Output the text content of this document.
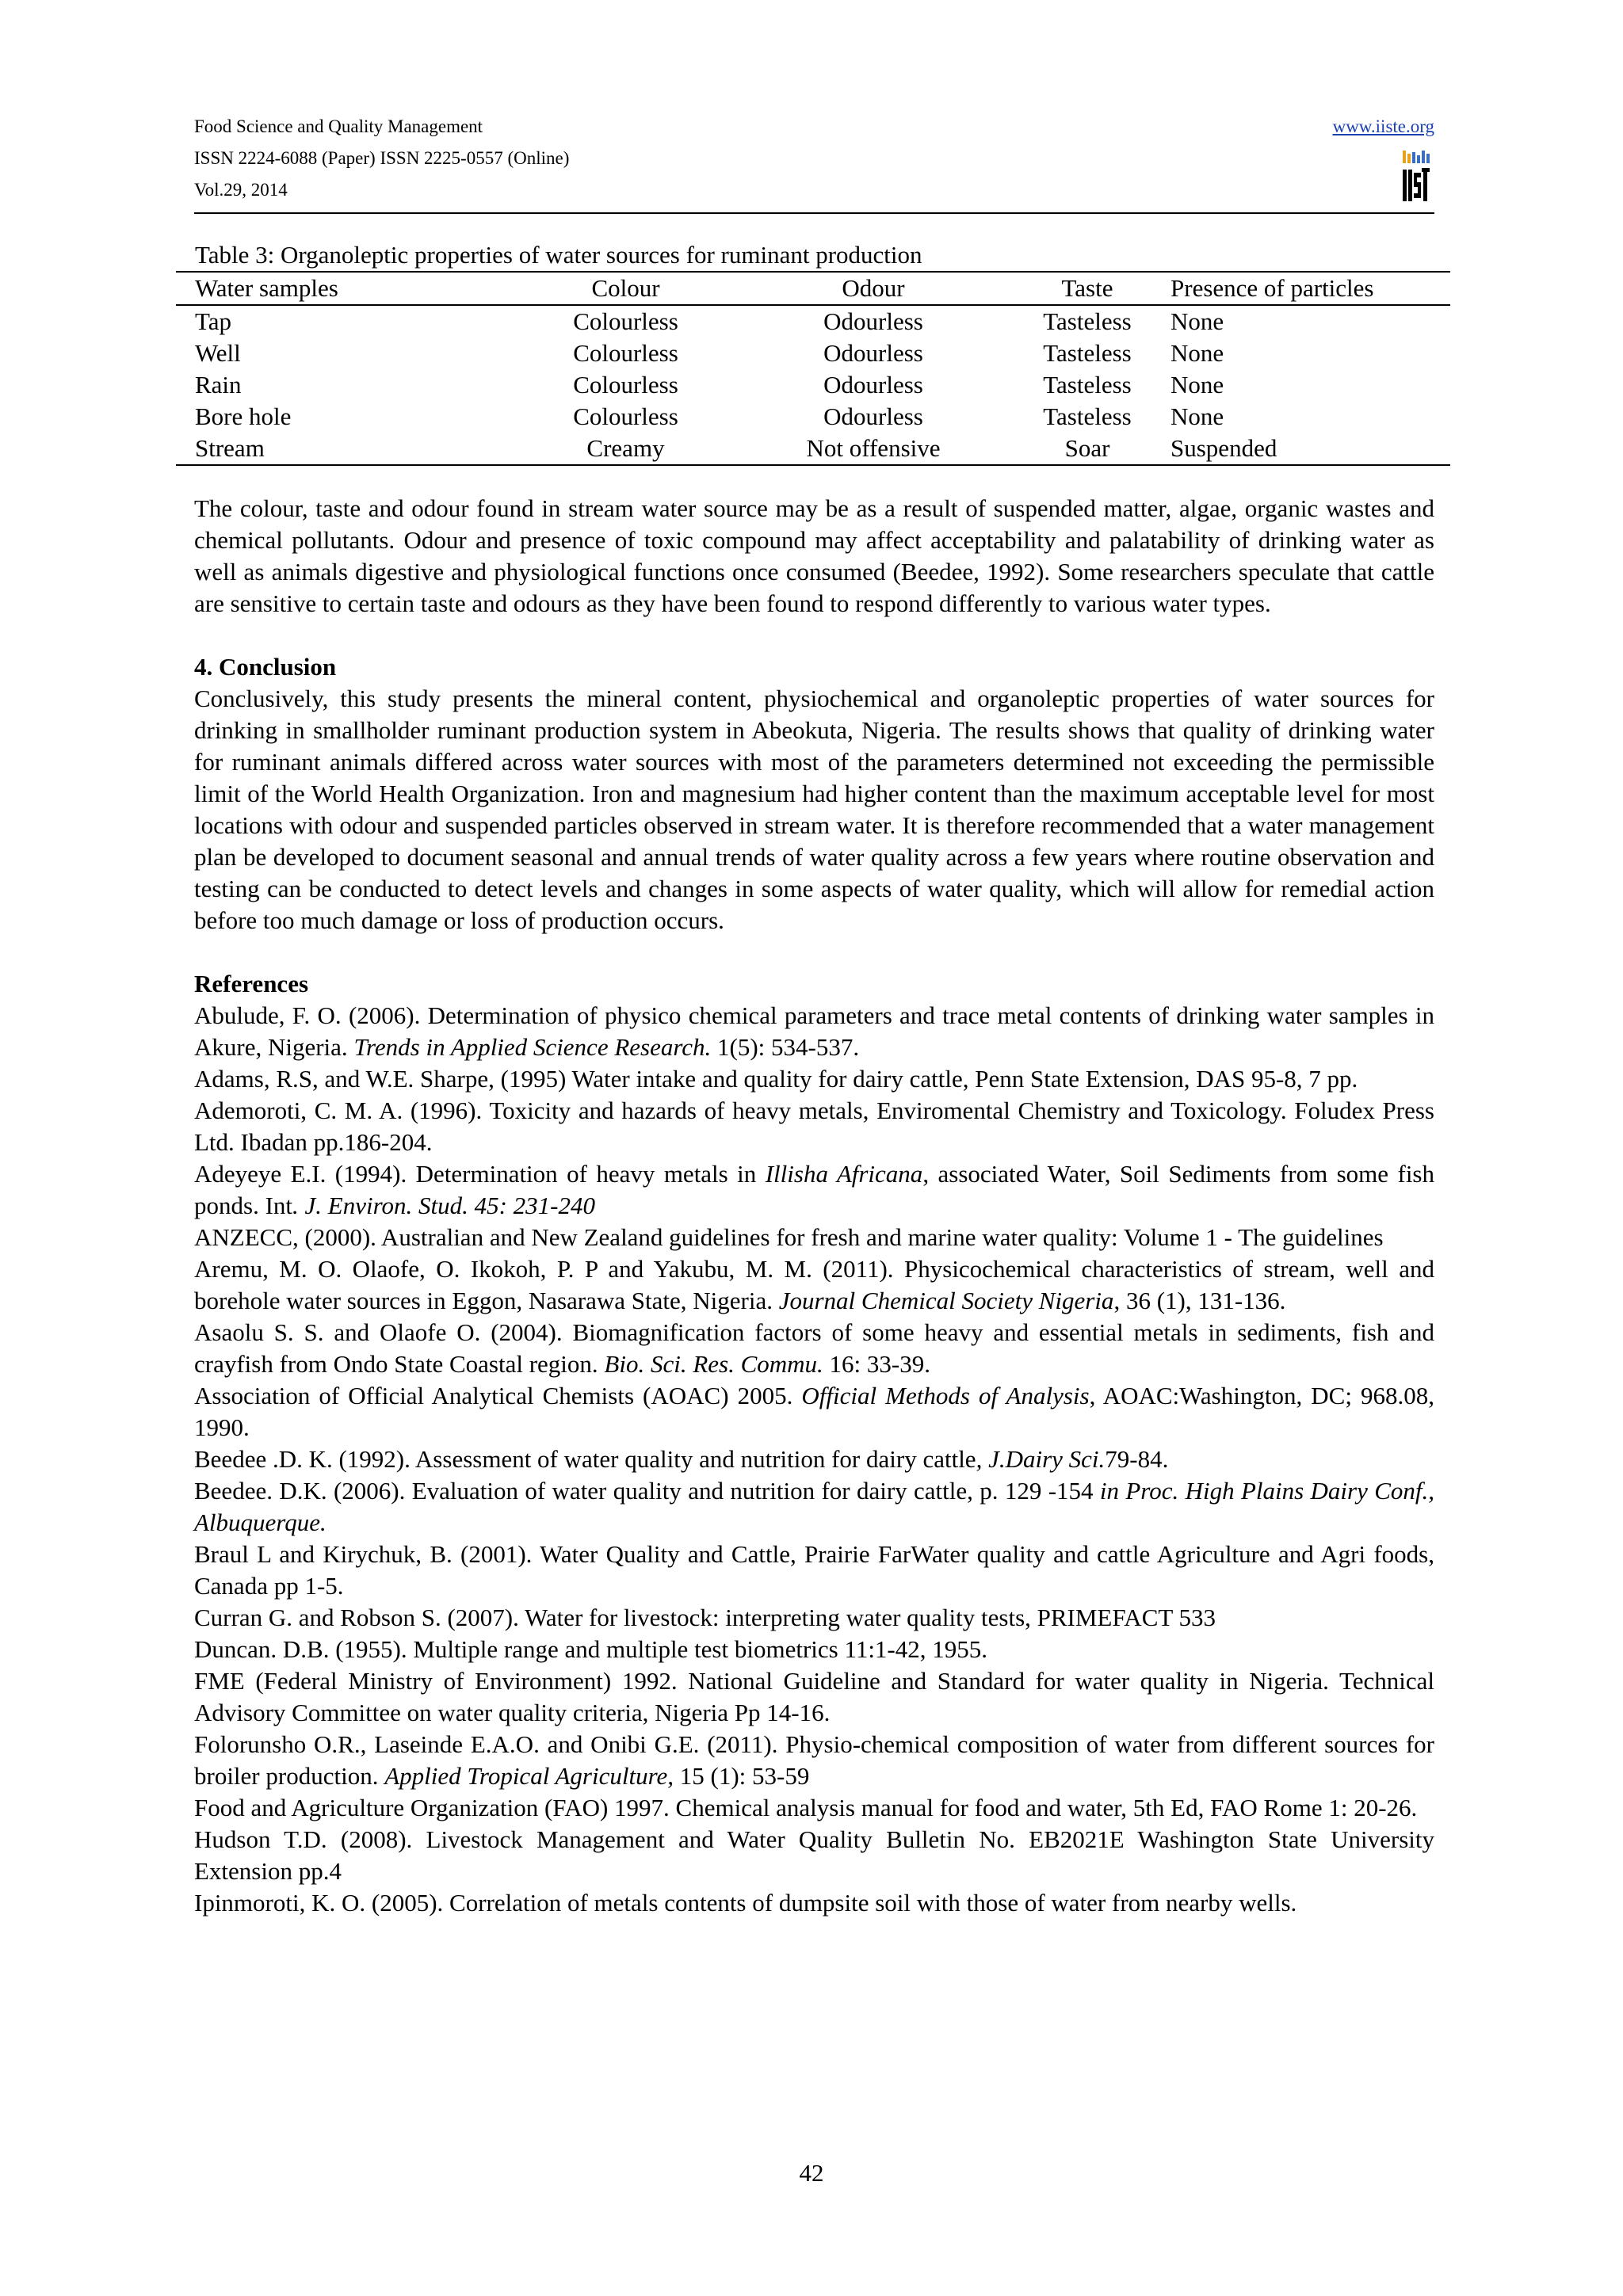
Food Science and Quality Management
ISSN 2224-6088 (Paper) ISSN 2225-0557 (Online)
Vol.29, 2014
www.iiste.org
Table 3: Organoleptic properties of water sources for ruminant production
Water samples	Colour	Odour	Taste	Presence of particles
Tap	Colourless	Odourless	Tasteless	None
Well	Colourless	Odourless	Tasteless	None
Rain	Colourless	Odourless	Tasteless	None
Bore hole	Colourless	Odourless	Tasteless	None
Stream	Creamy	Not offensive	Soar	Suspended

The colour, taste and odour found in stream water source may be as a result of suspended matter, algae, organic wastes and chemical pollutants. Odour and presence of toxic compound may affect acceptability and palatability of drinking water as well as animals digestive and physiological functions once consumed (Beedee, 1992). Some researchers speculate that cattle are sensitive to certain taste and odours as they have been found to respond differently to various water types.

4. Conclusion

Conclusively, this study presents the mineral content, physiochemical and organoleptic properties of water sources for drinking in smallholder ruminant production system in Abeokuta, Nigeria. The results shows that quality of drinking water for ruminant animals differed across water sources with most of the parameters determined not exceeding the permissible limit of the World Health Organization. Iron and magnesium had higher content than the maximum acceptable level for most locations with odour and suspended particles observed in stream water. It is therefore recommended that a water management plan be developed to document seasonal and annual trends of water quality across a few years where routine observation and testing can be conducted to detect levels and changes in some aspects of water quality, which will allow for remedial action before too much damage or loss of production occurs.

References

Abulude, F. O. (2006). Determination of physico chemical parameters and trace metal contents of drinking water samples in Akure, Nigeria. Trends in Applied Science Research. 1(5): 534-537.

Adams, R.S, and W.E. Sharpe, (1995) Water intake and quality for dairy cattle, Penn State Extension, DAS 95-8, 7 pp.

Ademoroti, C. M. A. (1996). Toxicity and hazards of heavy metals, Enviromental Chemistry and Toxicology. Foludex Press Ltd. Ibadan pp.186-204.

Adeyeye E.I. (1994). Determination of heavy metals in Illisha Africana, associated Water, Soil Sediments from some fish ponds. Int. J. Environ. Stud. 45: 231-240

ANZECC, (2000). Australian and New Zealand guidelines for fresh and marine water quality: Volume 1 - The guidelines

Aremu, M. O. Olaofe, O. Ikokoh, P. P and Yakubu, M. M. (2011). Physicochemical characteristics of stream, well and borehole water sources in Eggon, Nasarawa State, Nigeria. Journal Chemical Society Nigeria, 36 (1), 131-136.

Asaolu S. S. and Olaofe O. (2004). Biomagnification factors of some heavy and essential metals in sediments, fish and crayfish from Ondo State Coastal region. Bio. Sci. Res. Commu. 16: 33-39.

Association of Official Analytical Chemists (AOAC) 2005. Official Methods of Analysis, AOAC:Washington, DC; 968.08, 1990.

Beedee .D. K. (1992). Assessment of water quality and nutrition for dairy cattle, J.Dairy Sci.79-84.

Beedee. D.K. (2006). Evaluation of water quality and nutrition for dairy cattle, p. 129 -154 in Proc. High Plains Dairy Conf., Albuquerque.

Braul L and Kirychuk, B. (2001). Water Quality and Cattle, Prairie FarWater quality and cattle Agriculture and Agri foods, Canada pp 1-5.

Curran G. and Robson S. (2007). Water for livestock: interpreting water quality tests, PRIMEFACT 533

Duncan. D.B. (1955). Multiple range and multiple test biometrics 11:1-42, 1955.

FME (Federal Ministry of Environment) 1992. National Guideline and Standard for water quality in Nigeria. Technical Advisory Committee on water quality criteria, Nigeria Pp 14-16.

Folorunsho O.R., Laseinde E.A.O. and Onibi G.E. (2011). Physio-chemical composition of water from different sources for broiler production. Applied Tropical Agriculture, 15 (1): 53-59

Food and Agriculture Organization (FAO) 1997. Chemical analysis manual for food and water, 5th Ed, FAO Rome 1: 20-26.

Hudson T.D. (2008). Livestock Management and Water Quality Bulletin No. EB2021E Washington State University Extension pp.4

Ipinmoroti, K. O. (2005). Correlation of metals contents of dumpsite soil with those of water from nearby wells.

42
